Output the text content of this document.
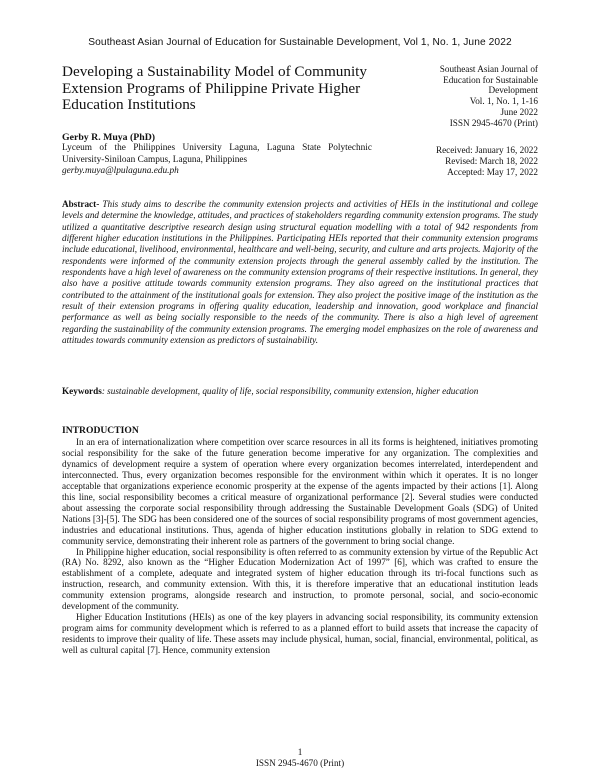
Southeast Asian Journal of Education for Sustainable Development, Vol 1, No. 1, June 2022
Developing a Sustainability Model of Community Extension Programs of Philippine Private Higher Education Institutions
Southeast Asian Journal of
Education for Sustainable
Development
Vol. 1, No. 1, 1-16
June 2022
ISSN 2945-4670 (Print)
Gerby R. Muya (PhD)
Lyceum of the Philippines University Laguna, Laguna State Polytechnic University-Siniloan Campus, Laguna, Philippines
gerby.muya@lpulaguna.edu.ph
Received: January 16, 2022
Revised: March 18, 2022
Accepted: May 17, 2022
Abstract- This study aims to describe the community extension projects and activities of HEIs in the institutional and college levels and determine the knowledge, attitudes, and practices of stakeholders regarding community extension programs. The study utilized a quantitative descriptive research design using structural equation modelling with a total of 942 respondents from different higher education institutions in the Philippines. Participating HEIs reported that their community extension programs include educational, livelihood, environmental, healthcare and well-being, security, and culture and arts projects. Majority of the respondents were informed of the community extension projects through the general assembly called by the institution. The respondents have a high level of awareness on the community extension programs of their respective institutions. In general, they also have a positive attitude towards community extension programs. They also agreed on the institutional practices that contributed to the attainment of the institutional goals for extension. They also project the positive image of the institution as the result of their extension programs in offering quality education, leadership and innovation, good workplace and financial performance as well as being socially responsible to the needs of the community. There is also a high level of agreement regarding the sustainability of the community extension programs. The emerging model emphasizes on the role of awareness and attitudes towards community extension as predictors of sustainability.
Keywords: sustainable development, quality of life, social responsibility, community extension, higher education
INTRODUCTION

In an era of internationalization where competition over scarce resources in all its forms is heightened, initiatives promoting social responsibility for the sake of the future generation become imperative for any organization. The complexities and dynamics of development require a system of operation where every organization becomes interrelated, interdependent and interconnected. Thus, every organization becomes responsible for the environment within which it operates. It is no longer acceptable that organizations experience economic prosperity at the expense of the agents impacted by their actions [1]. Along this line, social responsibility becomes a critical measure of organizational performance [2]. Several studies were conducted about assessing the corporate social responsibility through addressing the Sustainable Development Goals (SDG) of United Nations [3]-[5]. The SDG has been considered one of the sources of social responsibility programs of most government agencies, industries and educational institutions. Thus, agenda of higher education institutions globally in relation to SDG extend to community service, demonstrating their inherent role as partners of the government to bring social change.

In Philippine higher education, social responsibility is often referred to as community extension by virtue of the Republic Act (RA) No. 8292, also known as the “Higher Education Modernization Act of 1997” [6], which was crafted to ensure the establishment of a complete, adequate and integrated system of higher education through its tri-focal functions such as instruction, research, and community extension. With this, it is therefore imperative that an educational institution leads community extension programs, alongside research and instruction, to promote personal, social, and socio-economic development of the community.

Higher Education Institutions (HEIs) as one of the key players in advancing social responsibility, its community extension program aims for community development which is referred to as a planned effort to build assets that increase the capacity of residents to improve their quality of life. These assets may include physical, human, social, financial, environmental, political, as well as cultural capital [7]. Hence, community extension

1
ISSN 2945-4670 (Print)
